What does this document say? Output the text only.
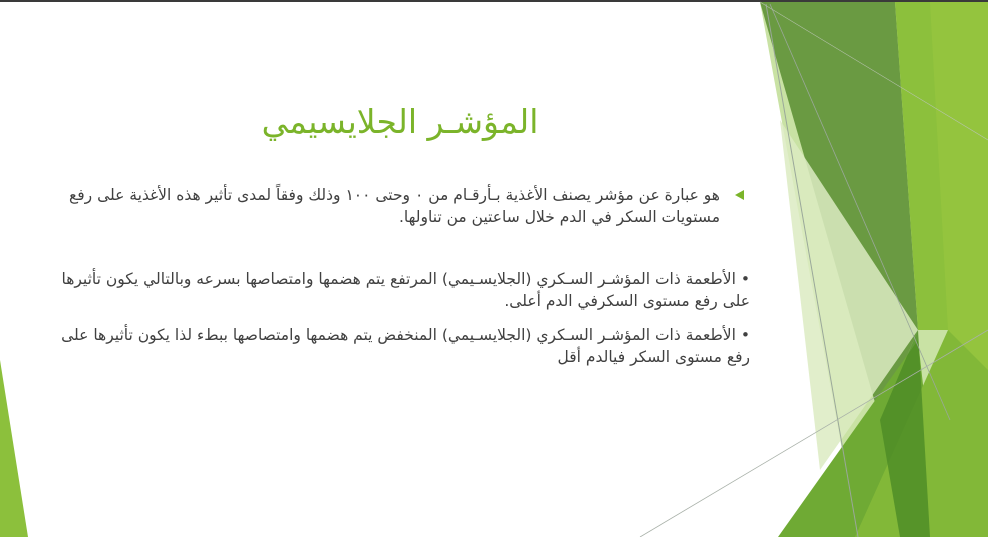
المؤشـر الجلايسيمي

هو عبارة عن مؤشر يصنف الأغذية بـأرقـام من ٠ وحتى ١٠٠ وذلك وفقاً لمدى تأثير هذه الأغذية على رفع مستويات السكر في الدم خلال ساعتين من تناولها.

• الأطعمة ذات المؤشـر السـكري (الجلايسـيمي) المرتفع يتم هضمها وامتصاصها بسرعه وبالتالي يكون تأثيرها على رفع مستوى السكرفي الدم أعلى.

• الأطعمة ذات المؤشـر السـكري (الجلايسـيمي) المنخفض يتم هضمها وامتصاصها ببطء لذا يكون تأثيرها على رفع مستوى السكر فيالدم أقل
